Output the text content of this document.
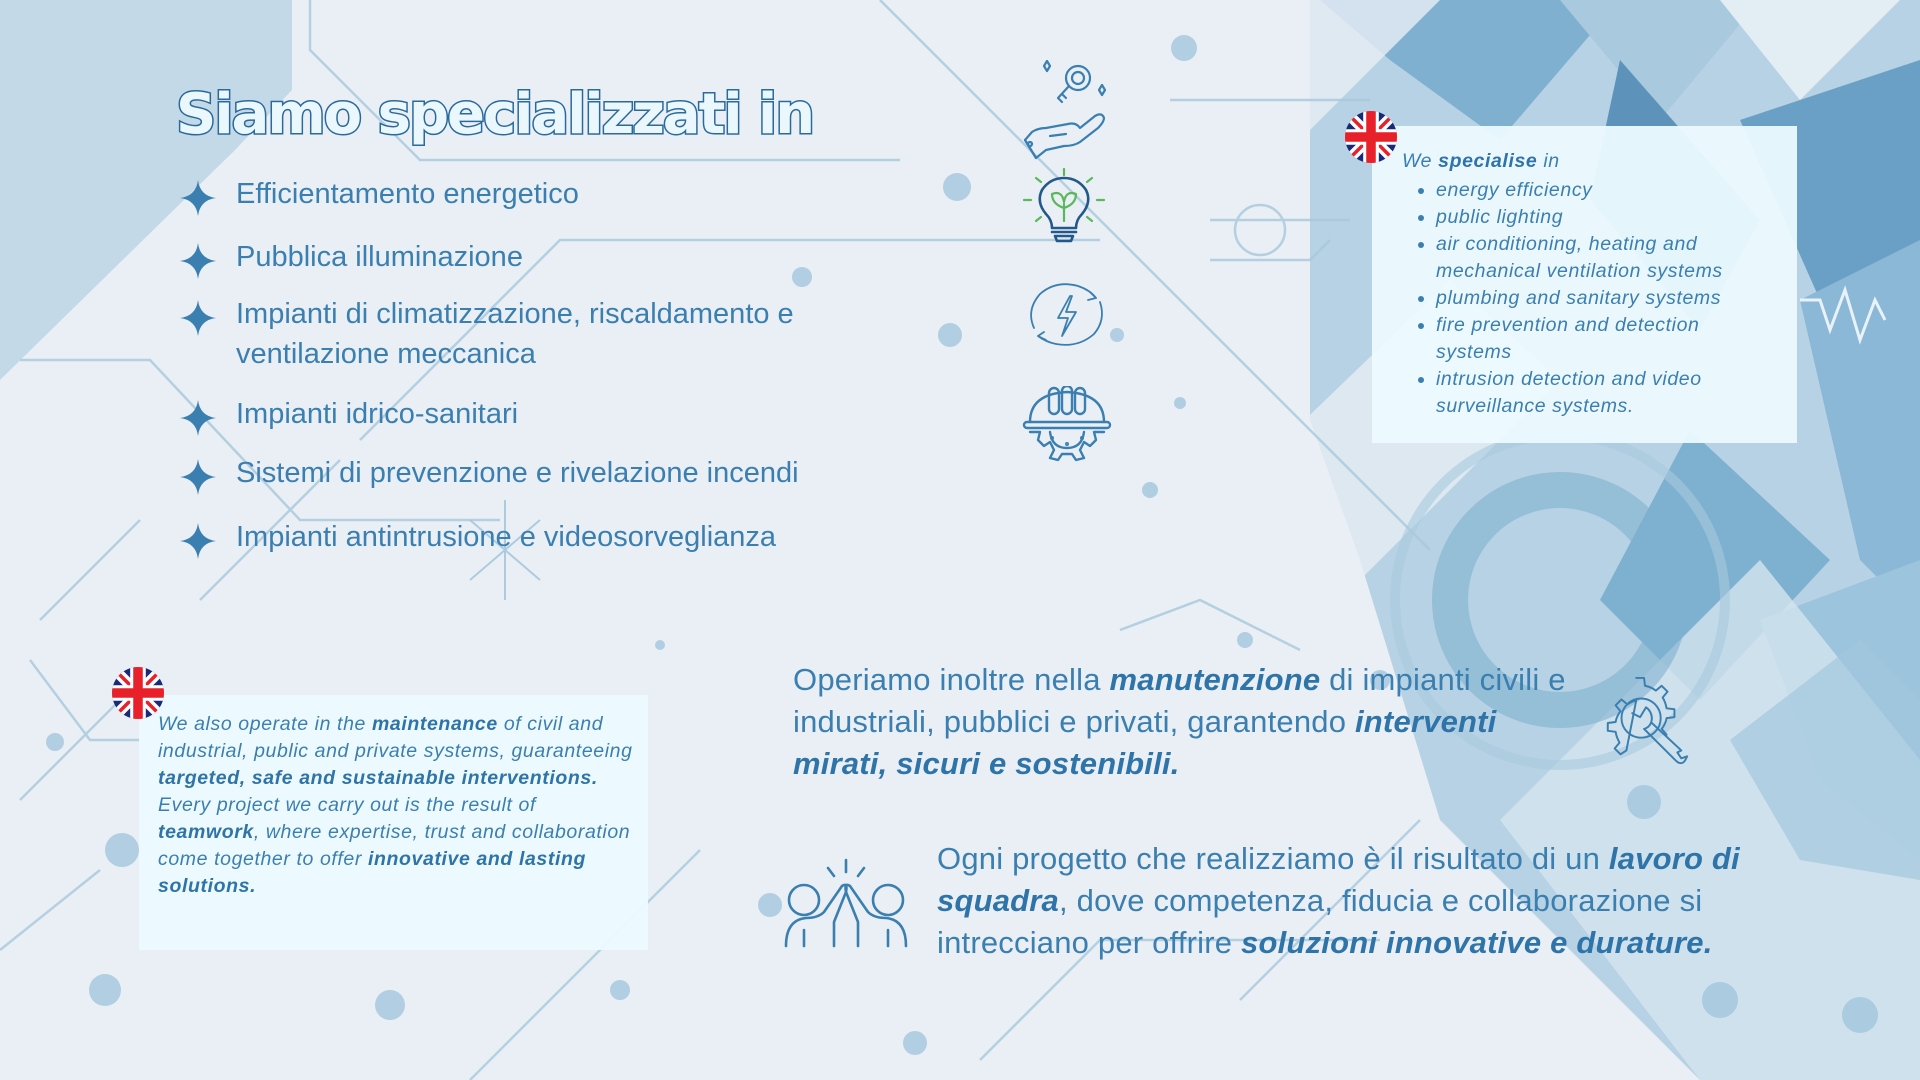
Siamo specializzati in
Efficientamento energetico
Pubblica illuminazione
Impianti di climatizzazione, riscaldamento e ventilazione meccanica
Impianti idrico-sanitari
Sistemi di prevenzione e rivelazione incendi
Impianti antintrusione e videosorveglianza
We specialise in
• energy efficiency
• public lighting
• air conditioning, heating and mechanical ventilation systems
• plumbing and sanitary systems
• fire prevention and detection systems
• intrusion detection and video surveillance systems.
We also operate in the maintenance of civil and industrial, public and private systems, guaranteeing targeted, safe and sustainable interventions.
Every project we carry out is the result of teamwork, where expertise, trust and collaboration come together to offer innovative and lasting solutions.
Operiamo inoltre nella manutenzione di impianti civili e industriali, pubblici e privati, garantendo interventi mirati, sicuri e sostenibili.
Ogni progetto che realizziamo è il risultato di un lavoro di squadra, dove competenza, fiducia e collaborazione si intrecciano per offrire soluzioni innovative e durature.
